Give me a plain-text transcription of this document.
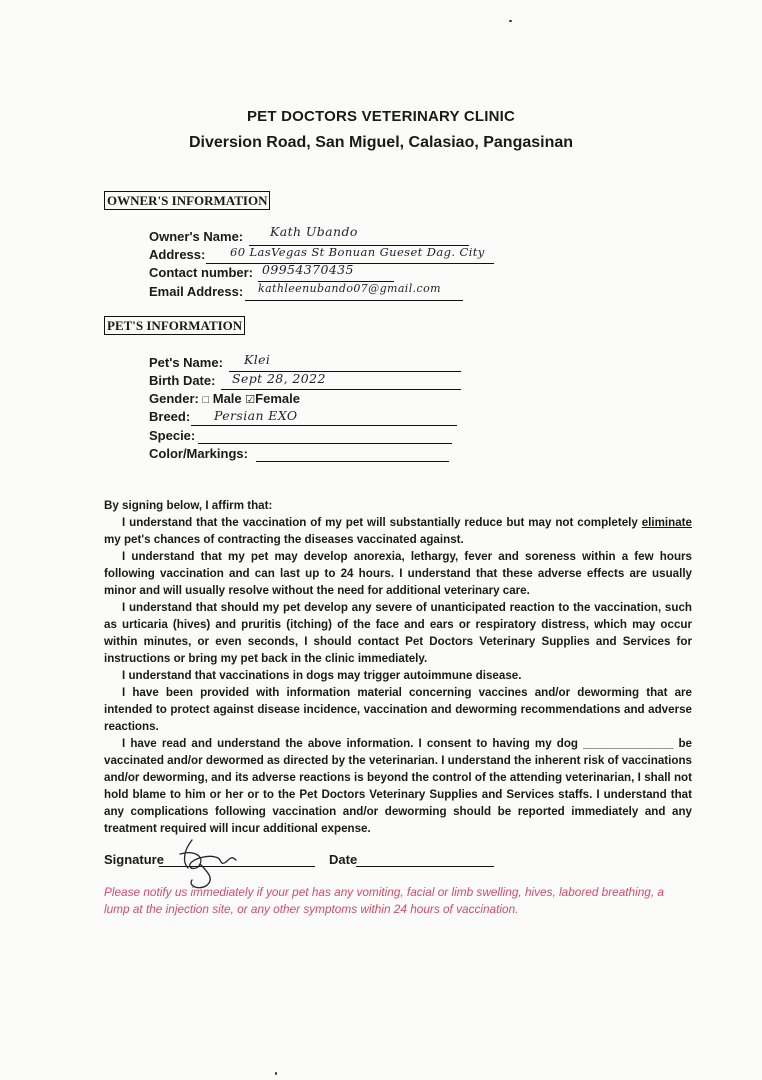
PET DOCTORS VETERINARY CLINIC
Diversion Road, San Miguel, Calasiao, Pangasinan
OWNER'S INFORMATION
Owner's Name: Kath Ubando
Address: 60 LasVegas St Bonuan Gueset Dag. City
Contact number: 09954370435
Email Address: kathleenubando07@gmail.com
PET'S INFORMATION
Pet's Name: Klei
Birth Date: Sept 28, 2022
Gender: □ Male ☑Female
Breed: Persian EXO
Specie:
Color/Markings:
By signing below, I affirm that:
I understand that the vaccination of my pet will substantially reduce but may not completely eliminate my pet's chances of contracting the diseases vaccinated against.
I understand that my pet may develop anorexia, lethargy, fever and soreness within a few hours following vaccination and can last up to 24 hours. I understand that these adverse effects are usually minor and will usually resolve without the need for additional veterinary care.
I understand that should my pet develop any severe of unanticipated reaction to the vaccination, such as urticaria (hives) and pruritis (itching) of the face and ears or respiratory distress, which may occur within minutes, or even seconds, I should contact Pet Doctors Veterinary Supplies and Services for instructions or bring my pet back in the clinic immediately.
I understand that vaccinations in dogs may trigger autoimmune disease.
I have been provided with information material concerning vaccines and/or deworming that are intended to protect against disease incidence, vaccination and deworming recommendations and adverse reactions.
I have read and understand the above information. I consent to having my dog ______________ be vaccinated and/or dewormed as directed by the veterinarian. I understand the inherent risk of vaccinations and/or deworming, and its adverse reactions is beyond the control of the attending veterinarian, I shall not hold blame to him or her or to the Pet Doctors Veterinary Supplies and Services staffs. I understand that any complications following vaccination and/or deworming should be reported immediately and any treatment required will incur additional expense.
Signature	Date
Please notify us immediately if your pet has any vomiting, facial or limb swelling, hives, labored breathing, a lump at the injection site, or any other symptoms within 24 hours of vaccination.
